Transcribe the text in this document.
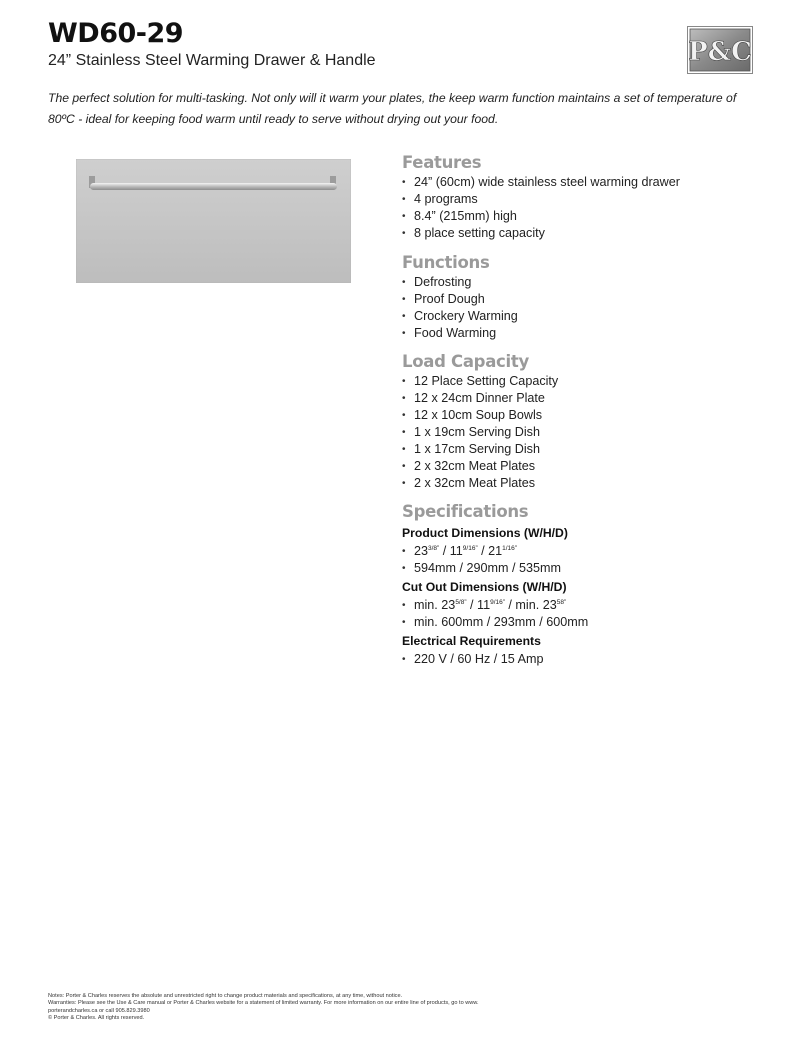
WD60-29
24” Stainless Steel Warming Drawer & Handle	P&C
The perfect solution for multi-tasking. Not only will it warm your plates, the keep warm function maintains a set of temperature of 80ºC - ideal for keeping food warm until ready to serve without drying out your food.
Features
• 24” (60cm) wide stainless steel warming drawer
• 4 programs
• 8.4” (215mm) high
• 8 place setting capacity
Functions
• Defrosting
• Proof Dough
• Crockery Warming
• Food Warming
Load Capacity
• 12 Place Setting Capacity
• 12 x 24cm Dinner Plate
• 12 x 10cm Soup Bowls
• 1 x 19cm Serving Dish
• 1 x 17cm Serving Dish
• 2 x 32cm Meat Plates
• 2 x 32cm Meat Plates
Specifications
Product Dimensions (W/H/D)
• $23^{3/8”} / 11^{9/16”} / 21^{1/16”}$
• 594mm / 290mm / 535mm
Cut Out Dimensions (W/H/D)
• min. $23^{5/8”} / 11^{9/16”}$ / min. $23^{58”}$
• min. 600mm / 293mm / 600mm
Electrical Requirements
• 220 V / 60 Hz / 15 Amp
Notes: Porter & Charles reserves the absolute and unrestricted right to change product materials and specifications, at any time, without notice.
Warranties: Please see the Use & Care manual or Porter & Charles website for a statement of limited warranty. For more information on our entire line of products, go to www.
porterandcharles.ca or call 905.829.3980
© Porter & Charles. All rights reserved.
